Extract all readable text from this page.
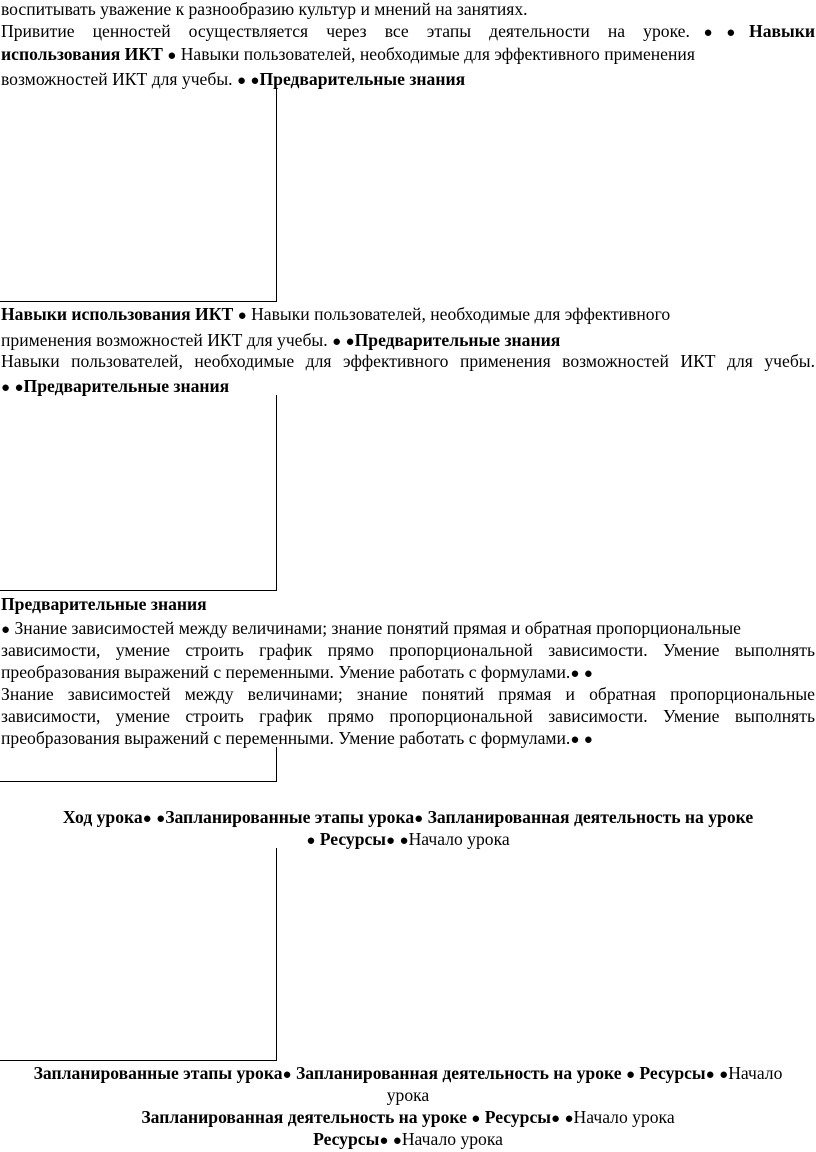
воспитывать уважение к разнообразию культур и мнений на занятиях.
Привитие ценностей осуществляется через все этапы деятельности на уроке.●●Навыки
использования ИКТ ● Навыки пользователей, необходимые для эффективного применения
возможностей ИКТ для учебы. ● ●Предварительные знания
Навыки использования ИКТ ● Навыки пользователей, необходимые для эффективного
применения возможностей ИКТ для учебы. ● ●Предварительные знания
Навыки пользователей, необходимые для эффективного применения возможностей ИКТ для учебы.
● ●Предварительные знания
Предварительные знания
● Знание зависимостей между величинами; знание понятий прямая и обратная пропорциональные
зависимости, умение строить график прямо пропорциональной зависимости. Умение выполнять
преобразования выражений с переменными. Умение работать с формулами.● ●
Знание зависимостей между величинами; знание понятий прямая и обратная пропорциональные
зависимости, умение строить график прямо пропорциональной зависимости. Умение выполнять
преобразования выражений с переменными. Умение работать с формулами.● ●
Ход урока● ●Запланированные этапы урока● Запланированная деятельность на уроке
● Ресурсы● ●Начало урока
Запланированные этапы урока● Запланированная деятельность на уроке ● Ресурсы● ●Начало
урока
Запланированная деятельность на уроке ● Ресурсы● ●Начало урока
Ресурсы● ●Начало урока
